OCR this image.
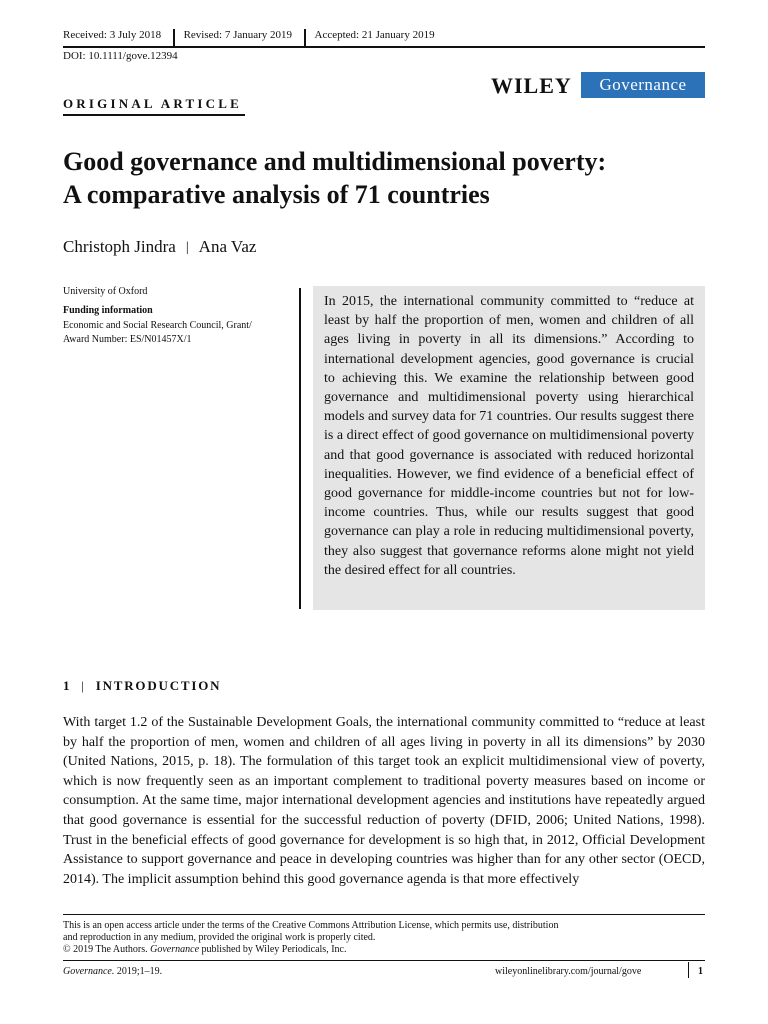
Received: 3 July 2018 Revised: 7 January 2019 Accepted: 21 January 2019
DOI: 10.1111/gove.12394
WILEY	Governance
ORIGINAL ARTICLE
Good governance and multidimensional poverty:
A comparative analysis of 71 countries
Christoph Jindra | Ana Vaz
University of Oxford
Funding information
Economic and Social Research Council, Grant/
Award Number: ES/N01457X/1
In 2015, the international community committed to “reduce at least by half the proportion of men, women and children of all ages living in poverty in all its dimensions.” According to international development agencies, good governance is crucial to achieving this. We examine the relationship between good governance and multidimensional poverty using hierarchical models and survey data for 71 countries. Our results suggest there is a direct effect of good governance on multidimensional poverty and that good governance is associated with reduced horizontal inequalities. However, we find evidence of a beneficial effect of good governance for middle-income countries but not for low-income countries. Thus, while our results suggest that good governance can play a role in reducing multidimensional poverty, they also suggest that governance reforms alone might not yield the desired effect for all countries.
1 | INTRODUCTION
With target 1.2 of the Sustainable Development Goals, the international community committed to “reduce at least by half the proportion of men, women and children of all ages living in poverty in all its dimensions” by 2030 (United Nations, 2015, p. 18). The formulation of this target took an explicit multidimensional view of poverty, which is now frequently seen as an important complement to traditional poverty measures based on income or consumption. At the same time, major international development agencies and institutions have repeatedly argued that good governance is essential for the successful reduction of poverty (DFID, 2006; United Nations, 1998). Trust in the beneficial effects of good governance for development is so high that, in 2012, Official Development Assistance to support governance and peace in developing countries was higher than for any other sector (OECD, 2014). The implicit assumption behind this good governance agenda is that more effectively
This is an open access article under the terms of the Creative Commons Attribution License, which permits use, distribution
and reproduction in any medium, provided the original work is properly cited.
© 2019 The Authors. Governance published by Wiley Periodicals, Inc.
Governance. 2019;1–19.	wileyonlinelibrary.com/journal/gove	1
